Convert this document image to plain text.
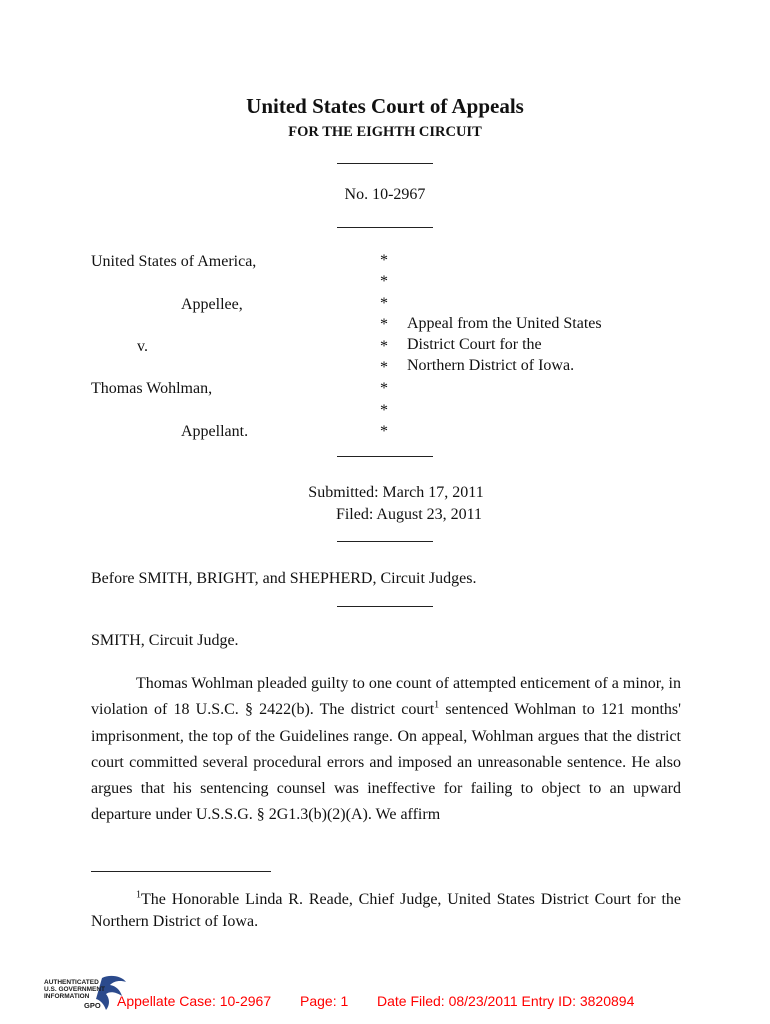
United States Court of Appeals
FOR THE EIGHTH CIRCUIT
No. 10-2967
United States of America,
Appellee,
v.
Thomas Wohlman,
Appellant.
*
*
*
*
*
*
*
*
*
Appeal from the United States
District Court for the
Northern District of Iowa.
Submitted: March 17, 2011
Filed: August 23, 2011
Before SMITH, BRIGHT, and SHEPHERD, Circuit Judges.
SMITH, Circuit Judge.
Thomas Wohlman pleaded guilty to one count of attempted enticement of a minor, in violation of 18 U.S.C. § 2422(b). The district court$^1$ sentenced Wohlman to 121 months' imprisonment, the top of the Guidelines range. On appeal, Wohlman argues that the district court committed several procedural errors and imposed an unreasonable sentence. He also argues that his sentencing counsel was ineffective for failing to object to an upward departure under U.S.S.G. § 2G1.3(b)(2)(A). We affirm
$^1$The Honorable Linda R. Reade, Chief Judge, United States District Court for the Northern District of Iowa.
AUTHENTICATED
U.S. GOVERNMENT
INFORMATION
GPO Appellate Case: 10-2967 Page: 1 Date Filed: 08/23/2011 Entry ID: 3820894
